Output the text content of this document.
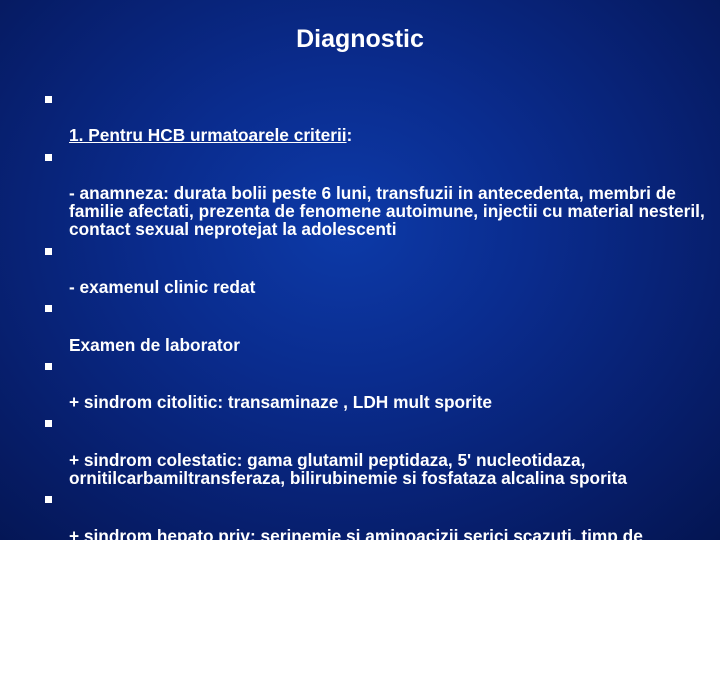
Diagnostic

1. Pentru HCB urmatoarele criterii:

- anamneza: durata bolii peste 6 luni, transfuzii in antecedenta, membri de familie afectati, prezenta de fenomene autoimune, injectii cu material nesteril, contact sexual neprotejat la adolescenti

- examenul clinic redat

Examen de laborator

+ sindrom citolitic: transaminaze , LDH mult sporite

+ sindrom colestatic: gama glutamil peptidaza, 5' nucleotidaza, ornitilcarbamiltransferaza, bilirubinemie si fosfataza alcalina sporita

+ sindrom hepato priv: serinemie si aminoacizii serici scazuti, timp de coagulare, TQ marite, lipemie si colesterolemie sporite

+ sindromul inflamator: imun globuline si gama globuline crescute

2. Hepatita autoimuna - anticorpi antinucleari, anticorpi antimuschi netezi - antiactina AC, anti- LKM1, cresterea IgG;
